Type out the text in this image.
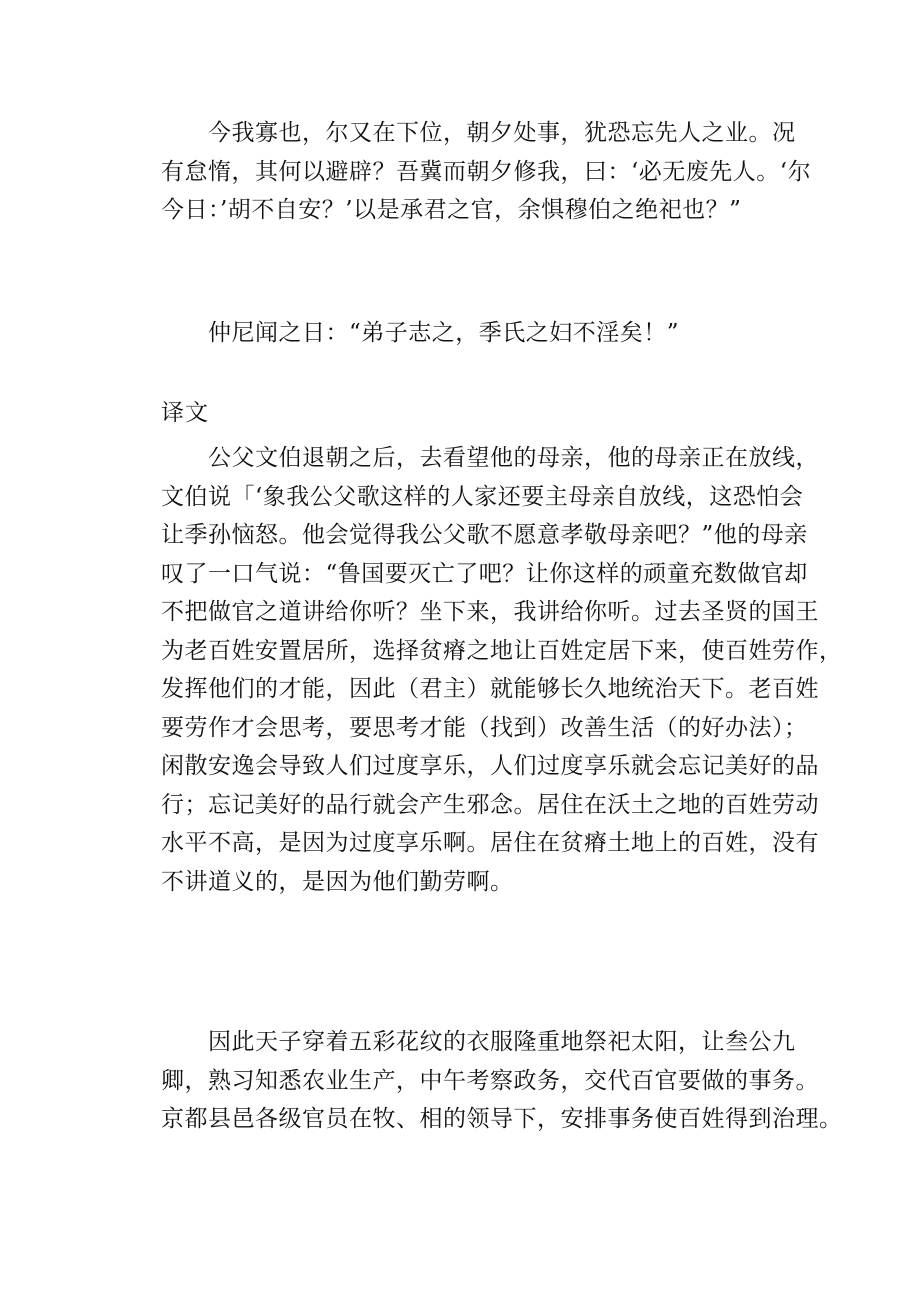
　　今我寡也，尔又在下位，朝夕处事，犹恐忘先人之业。况
有怠惰，其何以避辟？吾冀而朝夕修我，曰：‘必无废先人。‘尔
今日：’胡不自安？’以是承君之官，余惧穆伯之绝祀也？”

　　仲尼闻之日：“弟子志之，季氏之妇不淫矣！”

译文

　　公父文伯退朝之后，去看望他的母亲，他的母亲正在放线，
文伯说「‘象我公父歌这样的人家还要主母亲自放线，这恐怕会
让季孙恼怒。他会觉得我公父歌不愿意孝敬母亲吧？”他的母亲
叹了一口气说：“鲁国要灭亡了吧？让你这样的顽童充数做官却
不把做官之道讲给你听？坐下来，我讲给你听。过去圣贤的国王
为老百姓安置居所，选择贫瘠之地让百姓定居下来，使百姓劳作，
发挥他们的才能，因此（君主）就能够长久地统治天下。老百姓
要劳作才会思考，要思考才能（找到）改善生活（的好办法）；
闲散安逸会导致人们过度享乐，人们过度享乐就会忘记美好的品
行；忘记美好的品行就会产生邪念。居住在沃土之地的百姓劳动
水平不高，是因为过度享乐啊。居住在贫瘠土地上的百姓，没有
不讲道义的，是因为他们勤劳啊。

　　因此天子穿着五彩花纹的衣服隆重地祭祀太阳，让叁公九
卿，熟习知悉农业生产，中午考察政务，交代百官要做的事务。
京都县邑各级官员在牧、相的领导下，安排事务使百姓得到治理。
